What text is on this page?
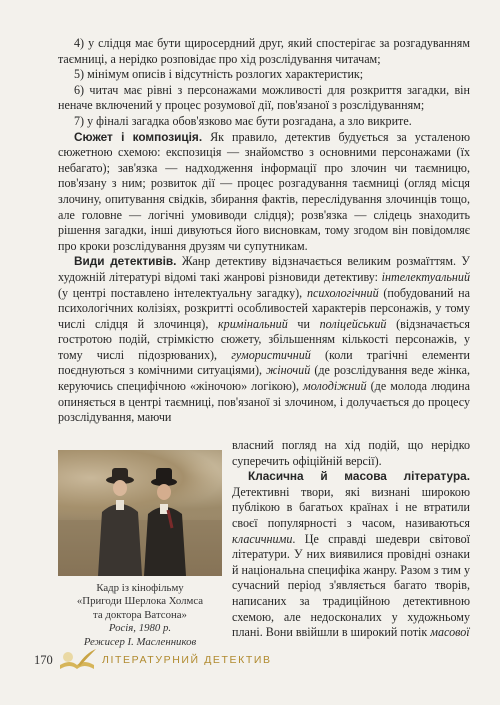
4) у слідця має бути щиросердний друг, який спостерігає за розгадуванням таємниці, а нерідко розповідає про хід розслідування читачам;

5) мінімум описів і відсутність розлогих характеристик;

6) читач має рівні з персонажами можливості для розкриття загадки, він неначе включений у процес розумової дії, пов'язаної з розслідуванням;

7) у фіналі загадка обов'язково має бути розгадана, а зло викрите.

Сюжет і композиція. Як правило, детектив будується за усталеною сюжетною схемою: експозиція — знайомство з основними персонажами (їх небагато); зав'язка — надходження інформації про злочин чи таємницю, пов'язану з ним; розвиток дії — процес розгадування таємниці (огляд місця злочину, опитування свідків, збирання фактів, переслідування злочинців тощо, але головне — логічні умовиводи слідця); розв'язка — слідець знаходить рішення загадки, інші дивуються його висновкам, тому згодом він повідомляє про кроки розслідування друзям чи супутникам.

Види детективів. Жанр детективу відзначається великим розмаїттям. У художній літературі відомі такі жанрові різновиди детективу: інтелектуальний (у центрі поставлено інтелектуальну загадку), психологічний (побудований на психологічних колізіях, розкритті особливостей характерів персонажів, у тому числі слідця й злочинця), кримінальний чи поліцейський (відзначається гостротою подій, стрімкістю сюжету, збільшенням кількості персонажів, у тому числі підозрюваних), гумористичний (коли трагічні елементи поєднуються з комічними ситуаціями), жіночий (де розслідування веде жінка, керуючись специфічною «жіночою» логікою), молодіжний (де молода людина опиняється в центрі таємниці, пов'язаної зі злочином, і долучається до процесу розслідування, маючи

Кадр із кінофільму
«Пригоди Шерлока Холмса
та доктора Ватсона»
Росія, 1980 р.
Режисер І. Масленников

власний погляд на хід подій, що нерідко суперечить офіційній версії).

Класична й масова література. Детективні твори, які визнані широкою публікою в багатьох країнах і не втратили своєї популярності з часом, називаються класичними. Це справді шедеври світової літератури. У них виявилися провідні ознаки й національна специфіка жанру. Разом з тим у сучасний період з'являється багато творів, написаних за традиційною детективною схемою, але недосконалих у художньому плані. Вони ввійшли в широкий потік масової

170	ЛІТЕРАТУРНИЙ ДЕТЕКТИВ
